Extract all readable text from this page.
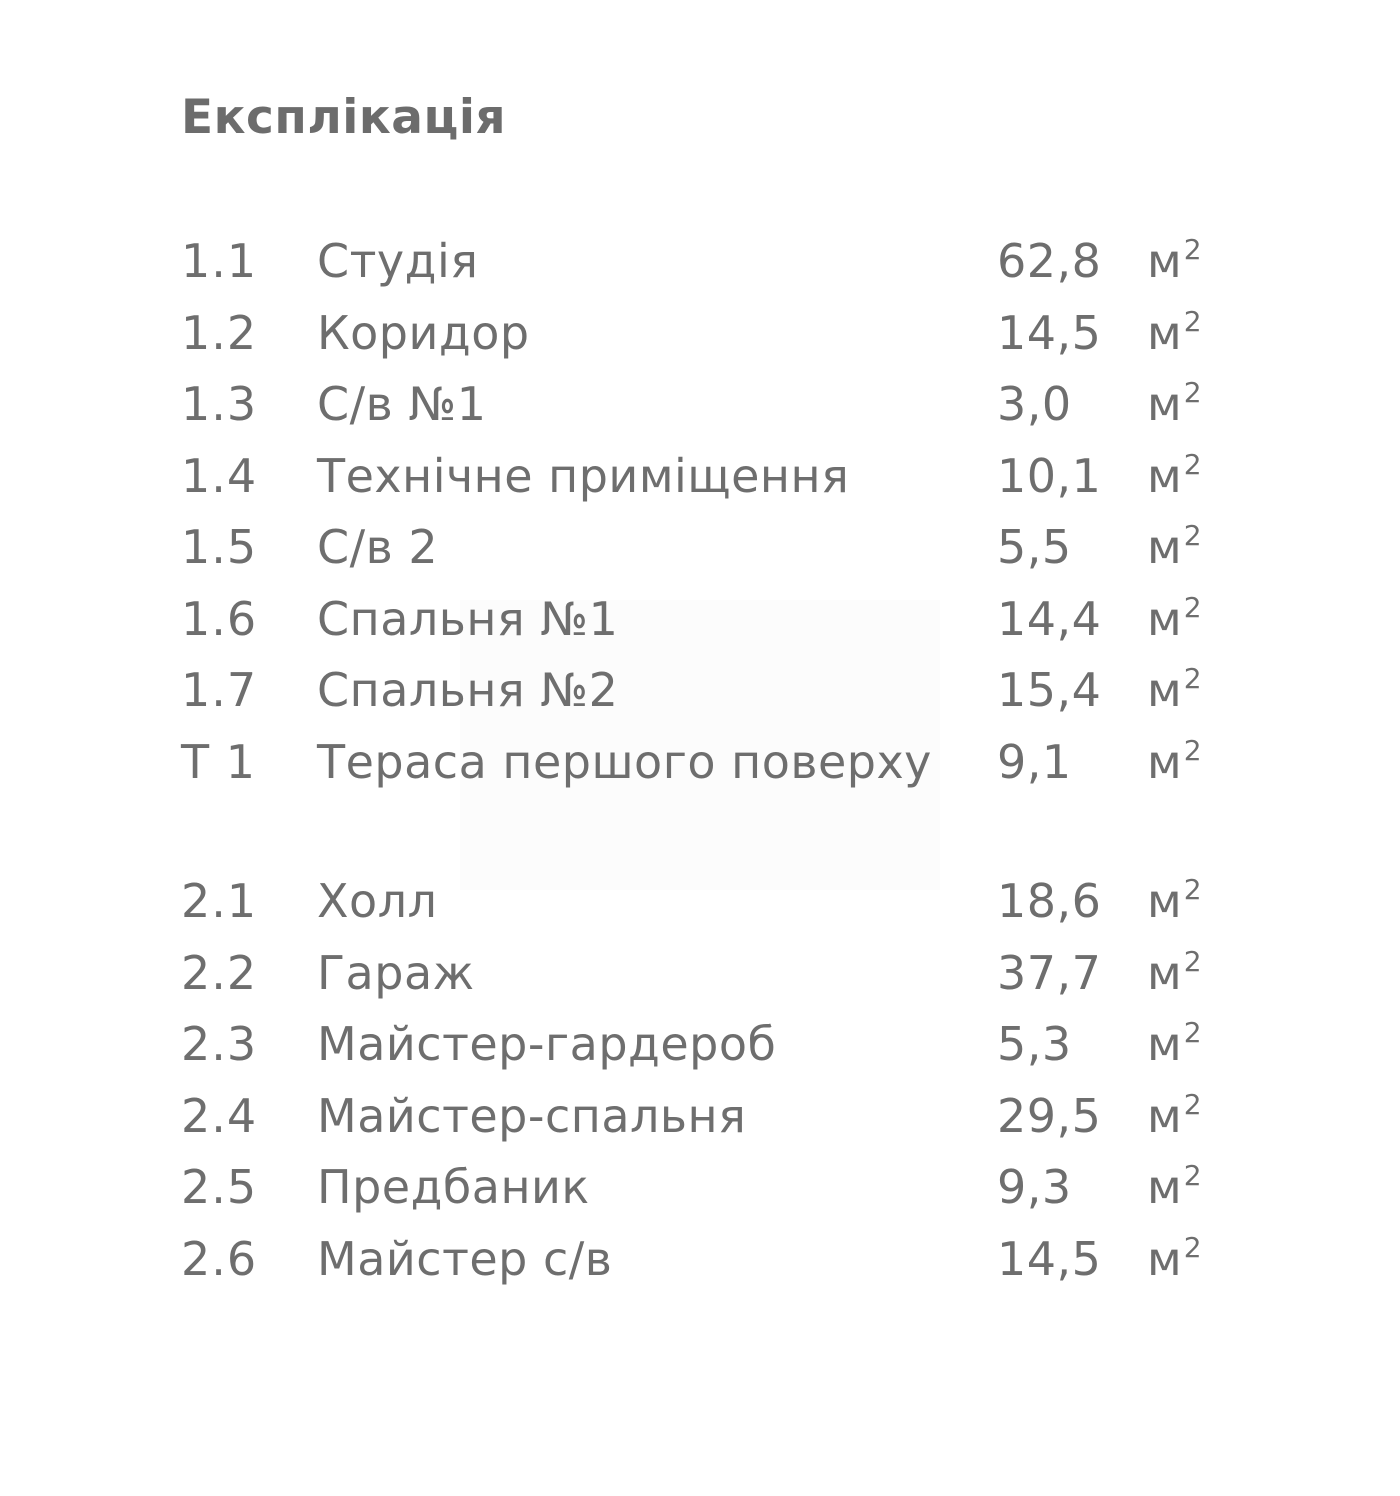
Експлікація
1.1 Студія	62,8 $м^2$
1.2 Коридор	14,5 $м^2$
1.3 С/в №1	3,0 $м^2$
1.4 Технічне приміщення	10,1 $м^2$
1.5 С/в 2	5,5 $м^2$
1.6 Спальня №1	14,4 $м^2$
1.7 Спальня №2	15,4 $м^2$
Т 1 Тераса першого поверху 9,1 $м^2$
2.1 Холл	18,6 $м^2$
2.2 Гараж	37,7 $м^2$
2.3 Майстер-гардероб	5,3 $м^2$
2.4 Майстер-спальня	29,5 $м^2$
2.5 Предбаник	9,3 $м^2$
2.6 Майстер с/в	14,5 $м^2$
